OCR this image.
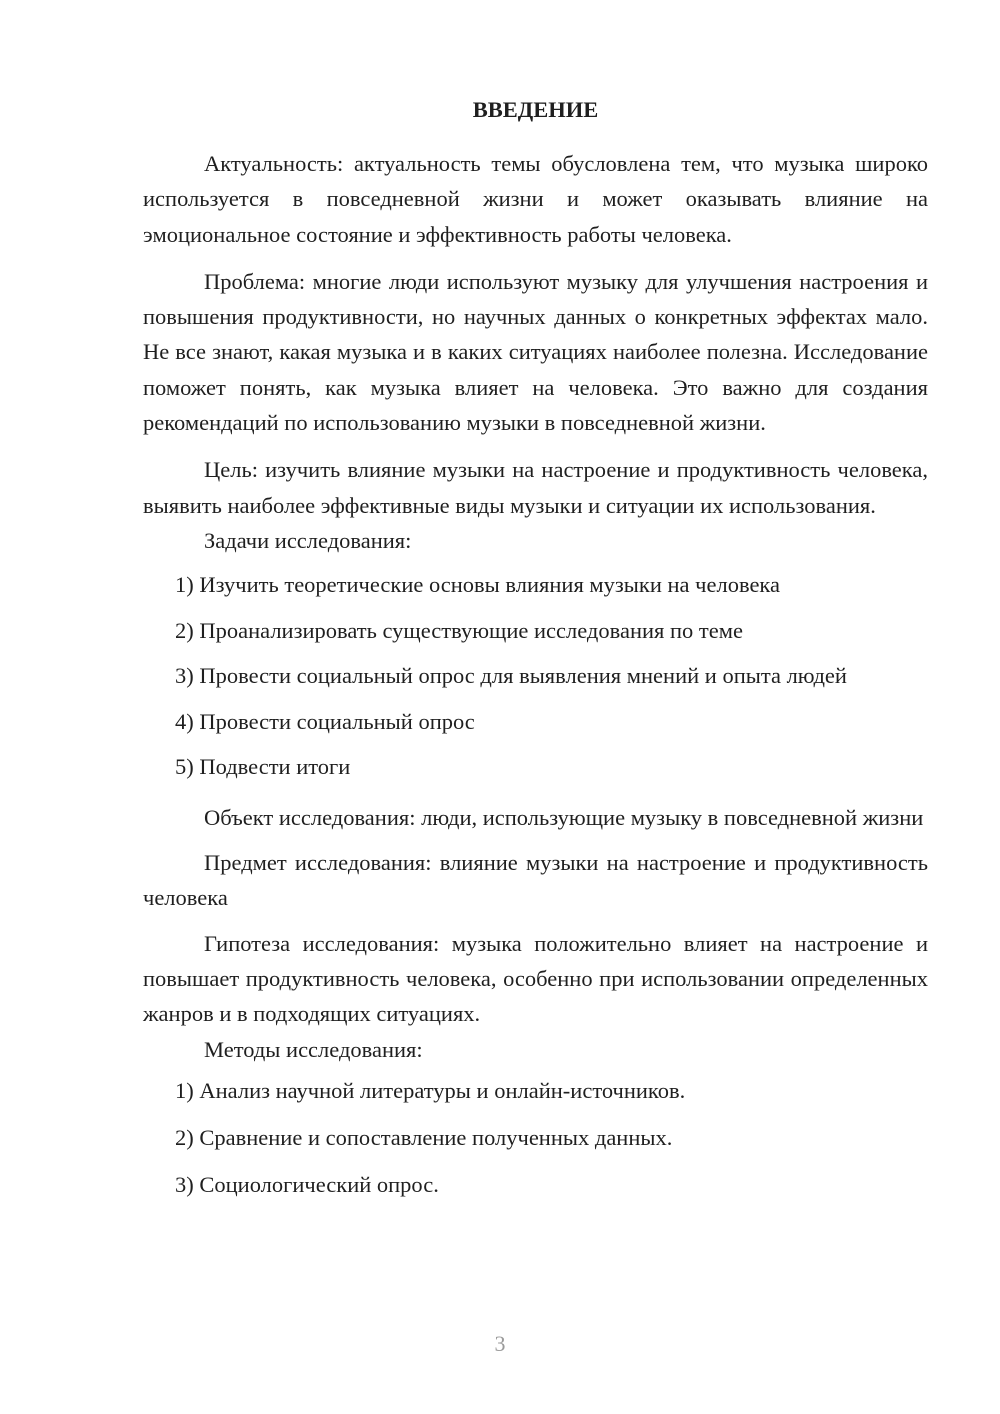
ВВЕДЕНИЕ

Актуальность: актуальность темы обусловлена тем, что музыка широко используется в повседневной жизни и может оказывать влияние на эмоциональное состояние и эффективность работы человека.

Проблема: многие люди используют музыку для улучшения настроения и повышения продуктивности, но научных данных о конкретных эффектах мало. Не все знают, какая музыка и в каких ситуациях наиболее полезна. Исследование поможет понять, как музыка влияет на человека. Это важно для создания рекомендаций по использованию музыки в повседневной жизни.

Цель: изучить влияние музыки на настроение и продуктивность человека, выявить наиболее эффективные виды музыки и ситуации их использования.

Задачи исследования:

1) Изучить теоретические основы влияния музыки на человека
2) Проанализировать существующие исследования по теме
3) Провести социальный опрос для выявления мнений и опыта людей
4) Провести социальный опрос
5) Подвести итоги

Объект исследования: люди, использующие музыку в повседневной жизни

Предмет исследования: влияние музыки на настроение и продуктивность человека

Гипотеза исследования: музыка положительно влияет на настроение и повышает продуктивность человека, особенно при использовании определенных жанров и в подходящих ситуациях.

Методы исследования:

1) Анализ научной литературы и онлайн-источников.
2) Сравнение и сопоставление полученных данных.
3) Социологический опрос.
3
